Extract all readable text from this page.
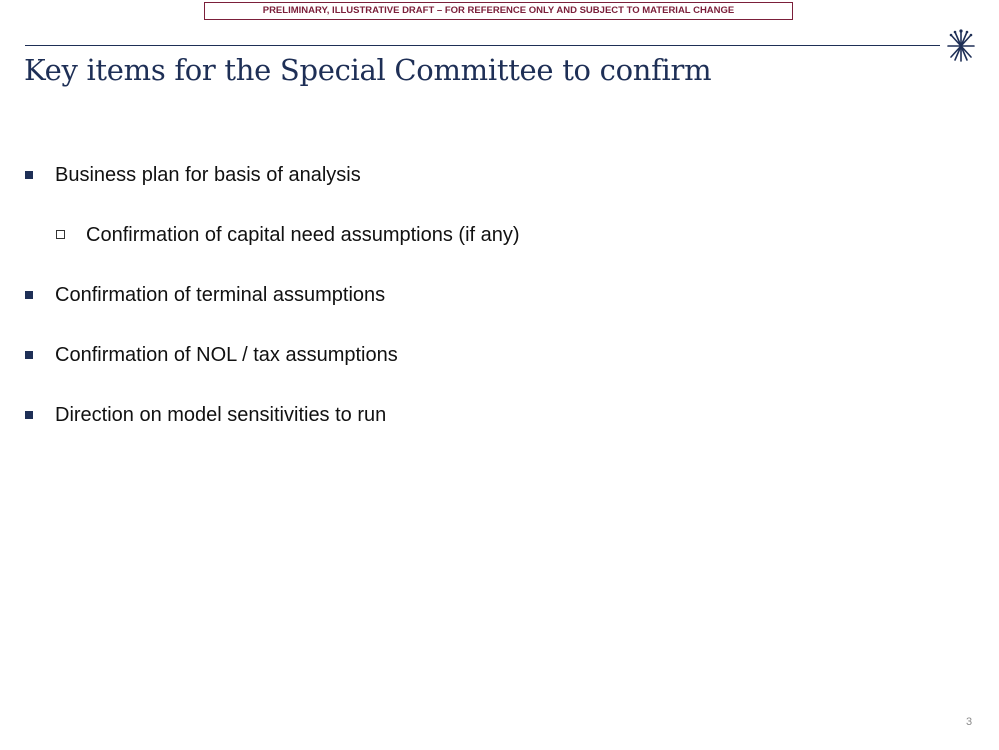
PRELIMINARY, ILLUSTRATIVE DRAFT – FOR REFERENCE ONLY AND SUBJECT TO MATERIAL CHANGE
Key items for the Special Committee to confirm
Business plan for basis of analysis
Confirmation of capital need assumptions (if any)
Confirmation of terminal assumptions
Confirmation of NOL / tax assumptions
Direction on model sensitivities to run
3
